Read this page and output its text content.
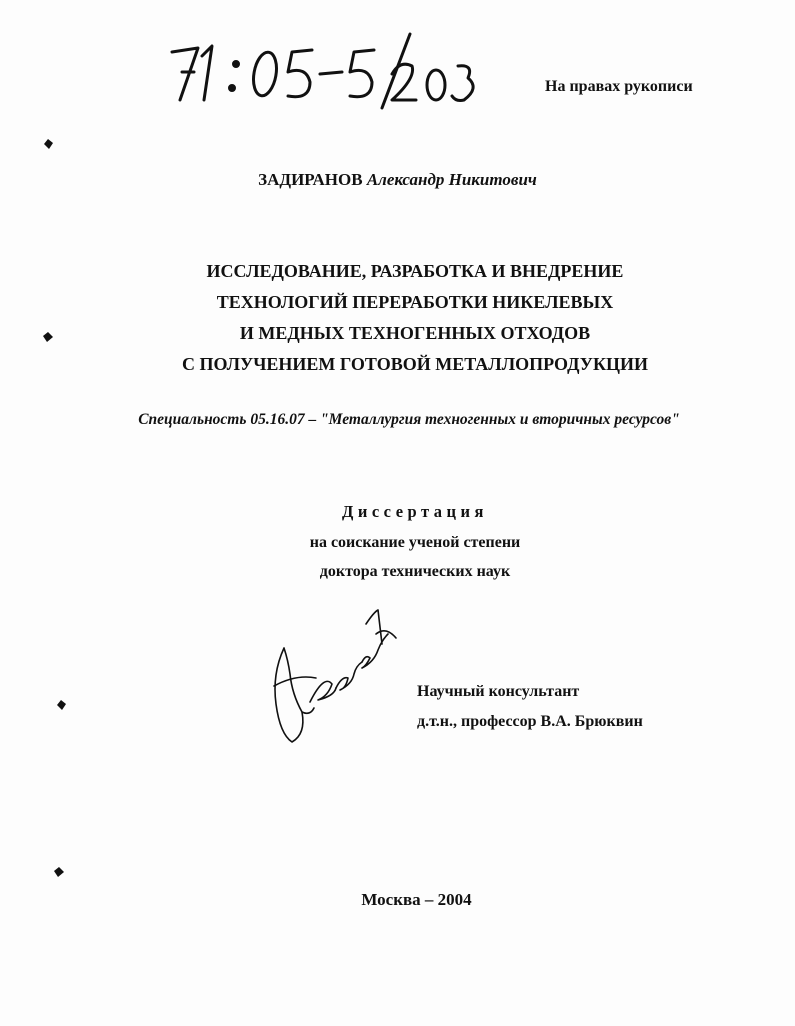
На правах рукописи
ЗАДИРАНОВ Александр Никитович
ИССЛЕДОВАНИЕ, РАЗРАБОТКА И ВНЕДРЕНИЕ
ТЕХНОЛОГИЙ ПЕРЕРАБОТКИ НИКЕЛЕВЫХ
И МЕДНЫХ ТЕХНОГЕННЫХ ОТХОДОВ
С ПОЛУЧЕНИЕМ ГОТОВОЙ МЕТАЛЛОПРОДУКЦИИ
Специальность 05.16.07 – "Металлургия техногенных и вторичных ресурсов"
Диссертация
на соискание ученой степени
доктора технических наук
Научный консультант
д.т.н., профессор В.А. Брюквин
Москва – 2004
